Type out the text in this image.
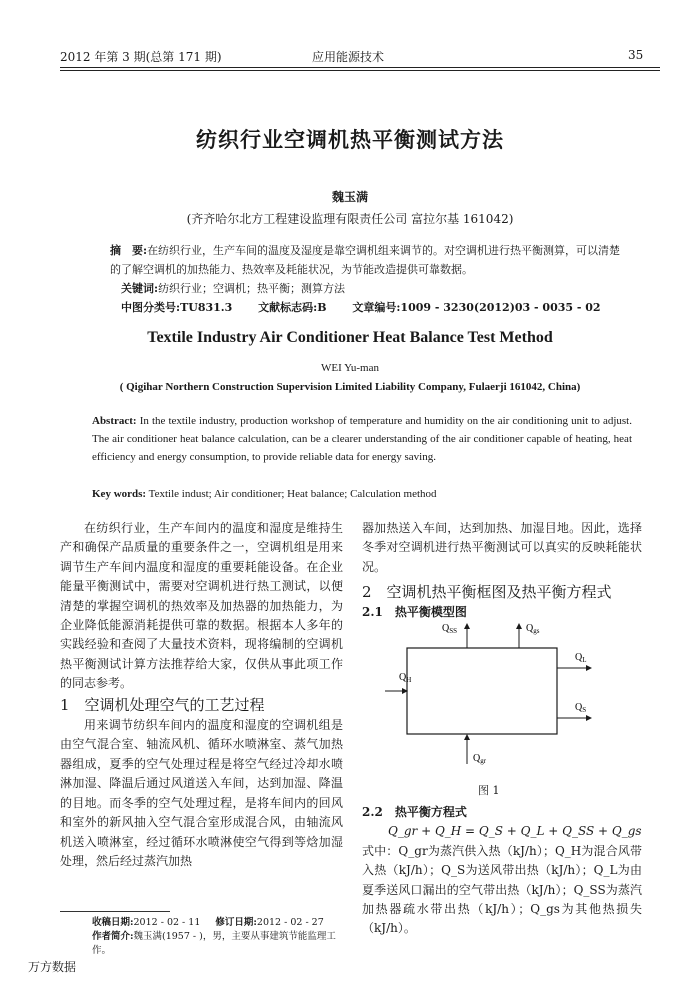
2012 年第 3 期(总第 171 期)	应用能源技术	35
纺织行业空调机热平衡测试方法
魏玉满
(齐齐哈尔北方工程建设监理有限责任公司 富拉尔基 161042)
摘　要:在纺织行业，生产车间的温度及湿度是靠空调机组来调节的。对空调机进行热平衡测算，可以清楚的了解空调机的加热能力、热效率及耗能状况，为节能改造提供可靠数据。
关键词:纺织行业；空调机；热平衡；测算方法
中图分类号:TU831.3 文献标志码:B 文章编号:1009 - 3230(2012)03 - 0035 - 02
Textile Industry Air Conditioner Heat Balance Test Method
WEI Yu-man
( Qigihar Northern Construction Supervision Limited Liability Company, Fulaerji 161042, China)
Abstract: In the textile industry, production workshop of temperature and humidity on the air conditioning unit to adjust. The air conditioner heat balance calculation, can be a clearer understanding of the air conditioner capable of heating, heat efficiency and energy consumption, to provide reliable data for energy saving.
Key words: Textile indust; Air conditioner; Heat balance; Calculation method

在纺织行业，生产车间内的温度和湿度是维持生产和确保产品质量的重要条件之一，空调机组是用来调节生产车间内温度和湿度的重要耗能设备。在企业能量平衡测试中，需要对空调机进行热工测试，以便清楚的掌握空调机的热效率及加热器的加热能力，为企业降低能源消耗提供可靠的数据。根据本人多年的实践经验和查阅了大量技术资料，现将编制的空调机热平衡测试计算方法推荐给大家，仅供从事此项工作的同志参考。

1　空调机处理空气的工艺过程

用来调节纺织车间内的温度和湿度的空调机组是由空气混合室、轴流风机、循环水喷淋室、蒸气加热器组成，夏季的空气处理过程是将空气经过冷却水喷淋加湿、降温后通过风道送入车间，达到加湿、降温的目地。而冬季的空气处理过程，是将车间内的回风和室外的新风抽入空气混合室形成混合风，由轴流风机送入喷淋室，经过循环水喷淋使空气得到等焓加湿处理，然后经过蒸汽加热

器加热送入车间，达到加热、加湿目地。因此，选择冬季对空调机进行热平衡测试可以真实的反映耗能状况。
2　空调机热平衡框图及热平衡方程式
2.1　热平衡模型图
$Q_{SS}$	$Q_{gs}$
$Q_H$
$Q_L$
$Q_S$
$Q_{gr}$
图 1
2.2　热平衡方程式
Q_gr + Q_H = Q_S + Q_L + Q_SS + Q_gs
式中：Q_gr为蒸汽供入热（kJ/h）；Q_H为混合风带入热（kJ/h）；Q_S为送风带出热（kJ/h）；Q_L为由夏季送风口漏出的空气带出热（kJ/h）；Q_SS为蒸汽加热器疏水带出热（kJ/h）；Q_gs为其他热损失（kJ/h）。
收稿日期:2012 - 02 - 11 修订日期:2012 - 02 - 27
作者简介:魏玉满(1957 - )，男，主要从事建筑节能监理工作。
万方数据
